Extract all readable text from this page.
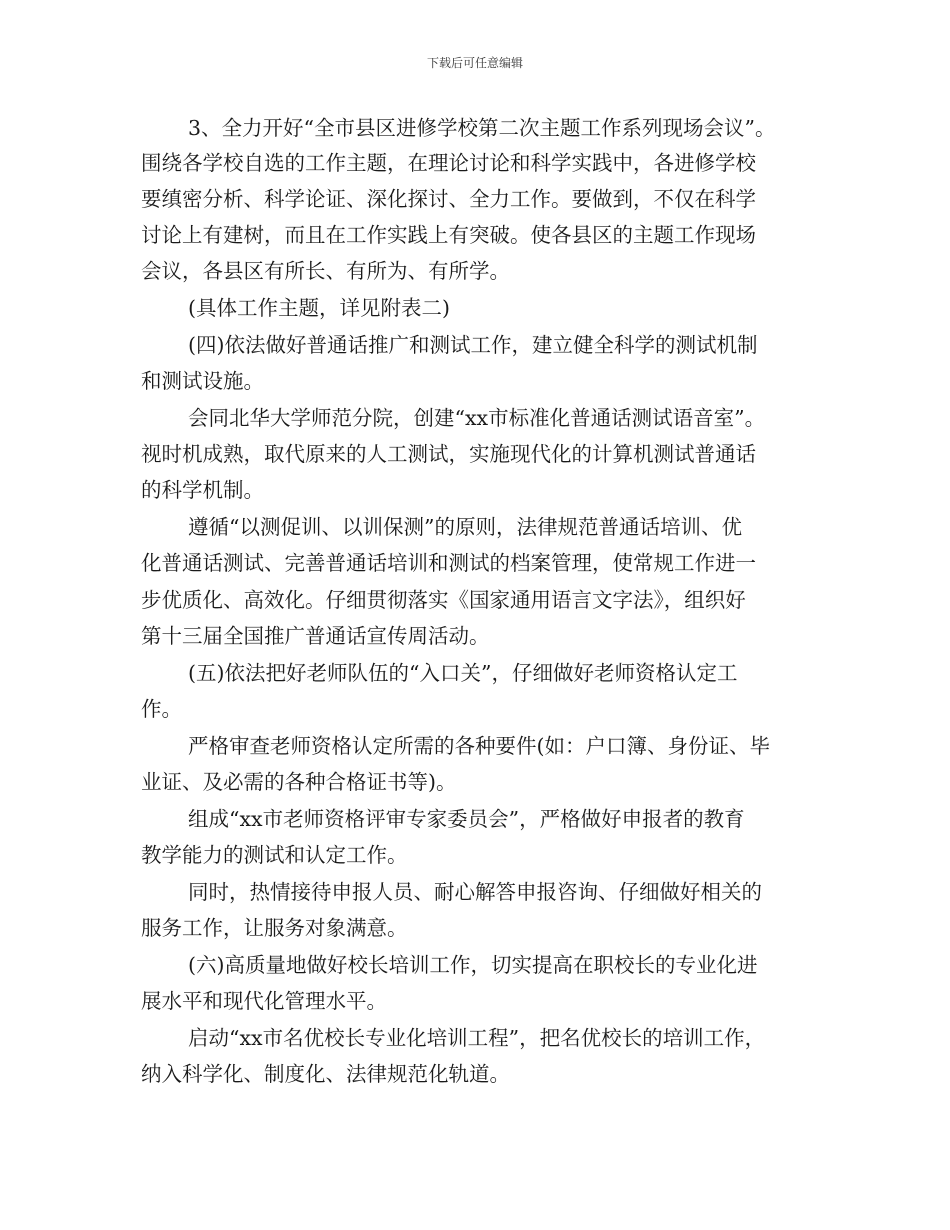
下载后可任意编辑
3、全力开好“全市县区进修学校第二次主题工作系列现场会议”。
围绕各学校自选的工作主题，在理论讨论和科学实践中，各进修学校
要缜密分析、科学论证、深化探讨、全力工作。要做到，不仅在科学
讨论上有建树，而且在工作实践上有突破。使各县区的主题工作现场
会议，各县区有所长、有所为、有所学。
(具体工作主题，详见附表二)
(四)依法做好普通话推广和测试工作，建立健全科学的测试机制
和测试设施。
会同北华大学师范分院，创建“xx市标准化普通话测试语音室”。
视时机成熟，取代原来的人工测试，实施现代化的计算机测试普通话
的科学机制。
遵循“以测促训、以训保测”的原则，法律规范普通话培训、优
化普通话测试、完善普通话培训和测试的档案管理，使常规工作进一
步优质化、高效化。仔细贯彻落实《国家通用语言文字法》，组织好
第十三届全国推广普通话宣传周活动。
(五)依法把好老师队伍的“入口关”，仔细做好老师资格认定工
作。
严格审查老师资格认定所需的各种要件(如：户口簿、身份证、毕
业证、及必需的各种合格证书等)。
组成“xx市老师资格评审专家委员会”，严格做好申报者的教育
教学能力的测试和认定工作。
同时，热情接待申报人员、耐心解答申报咨询、仔细做好相关的
服务工作，让服务对象满意。
(六)高质量地做好校长培训工作，切实提高在职校长的专业化进
展水平和现代化管理水平。
启动“xx市名优校长专业化培训工程”，把名优校长的培训工作，
纳入科学化、制度化、法律规范化轨道。
